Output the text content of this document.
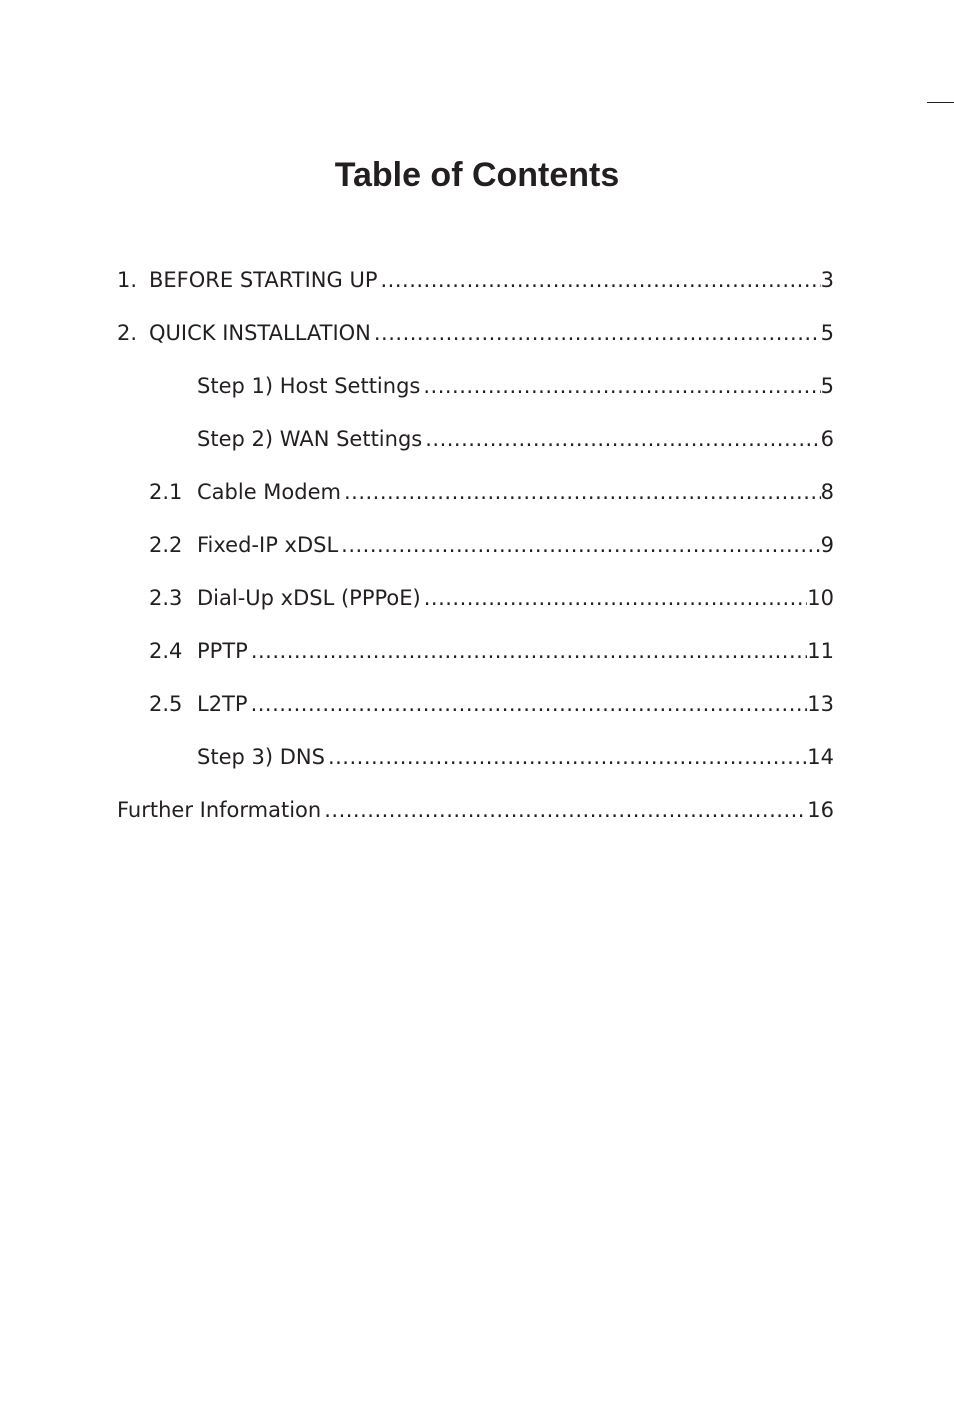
Table of Contents
1. BEFORE STARTING UP .....	3
2. QUICK INSTALLATION .....	5
Step 1) Host Settings .....	5
Step 2) WAN Settings .....	6
2.1 Cable Modem .....	8
2.2 Fixed-IP xDSL .....	9
2.3 Dial-Up xDSL (PPPoE) .....	10
2.4 PPTP .....	11
2.5 L2TP .....	13
Step 3) DNS .....	14
Further Information .....	16
